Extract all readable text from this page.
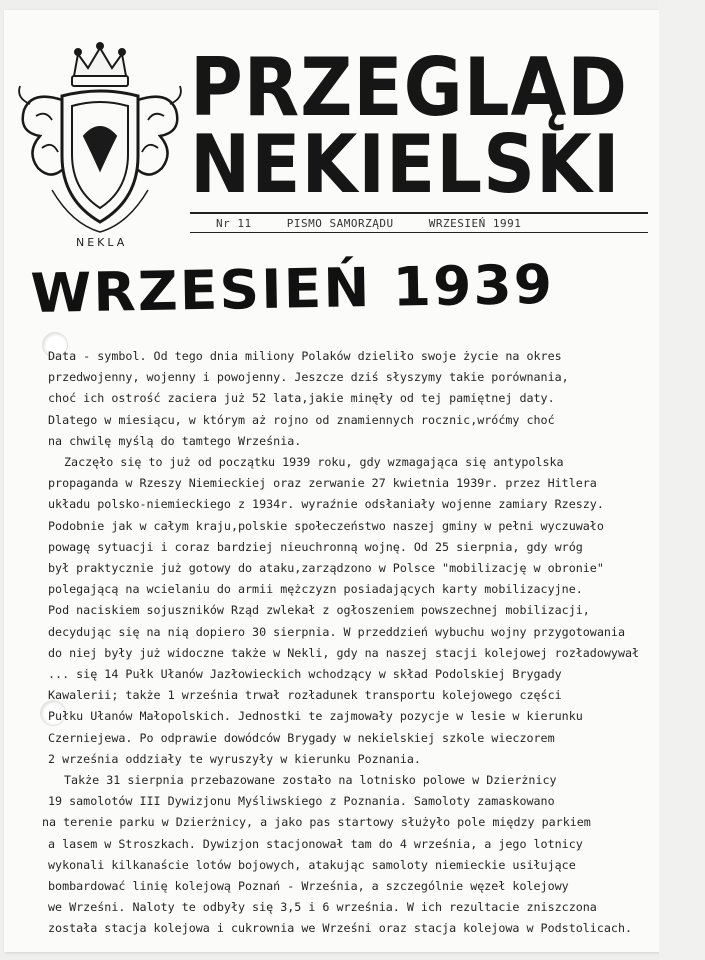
NEKLA
PRZEGLĄD
NEKIELSKI
Nr 11	PISMO SAMORZĄDU	WRZESIEŃ 1991
WRZESIEŃ 1939
Data - symbol. Od tego dnia miliony Polaków dzieliło swoje życie na okres
przedwojenny, wojenny i powojenny. Jeszcze dziś słyszymy takie porównania,
choć ich ostrość zaciera już 52 lata,jakie minęły od tej pamiętnej daty.
Dlatego w miesiącu, w którym aż rojno od znamiennych rocznic,wróćmy choć
na chwilę myślą do tamtego Września.
Zaczęło się to już od początku 1939 roku, gdy wzmagająca się antypolska
propaganda w Rzeszy Niemieckiej oraz zerwanie 27 kwietnia 1939r. przez Hitlera
układu polsko-niemieckiego z 1934r. wyraźnie odsłaniały wojenne zamiary Rzeszy.
Podobnie jak w całym kraju,polskie społeczeństwo naszej gminy w pełni wyczuwało
powagę sytuacji i coraz bardziej nieuchronną wojnę. Od 25 sierpnia, gdy wróg
był praktycznie już gotowy do ataku,zarządzono w Polsce "mobilizację w obronie"
polegającą na wcielaniu do armii mężczyzn posiadających karty mobilizacyjne.
Pod naciskiem sojuszników Rząd zwlekał z ogłoszeniem powszechnej mobilizacji,
decydując się na nią dopiero 30 sierpnia. W przeddzień wybuchu wojny przygotowania
do niej były już widoczne także w Nekli, gdy na naszej stacji kolejowej rozładowywał
... się 14 Pułk Ułanów Jazłowieckich wchodzący w skład Podolskiej Brygady
Kawalerii; także 1 września trwał rozładunek transportu kolejowego części
Pułku Ułanów Małopolskich. Jednostki te zajmowały pozycje w lesie w kierunku
Czerniejewa. Po odprawie dowódców Brygady w nekielskiej szkole wieczorem
2 września oddziały te wyruszyły w kierunku Poznania.
Także 31 sierpnia przebazowane zostało na lotnisko polowe w Dzierżnicy
19 samolotów III Dywizjonu Myśliwskiego z Poznania. Samoloty zamaskowano
na terenie parku w Dzierżnicy, a jako pas startowy służyło pole między parkiem
a lasem w Stroszkach. Dywizjon stacjonował tam do 4 września, a jego lotnicy
wykonali kilkanaście lotów bojowych, atakując samoloty niemieckie usiłujące
bombardować linię kolejową Poznań - Września, a szczególnie węzeł kolejowy
we Wrześni. Naloty te odbyły się 3,5 i 6 września. W ich rezultacie zniszczona
została stacja kolejowa i cukrownia we Wrześni oraz stacja kolejowa w Podstolicach.
